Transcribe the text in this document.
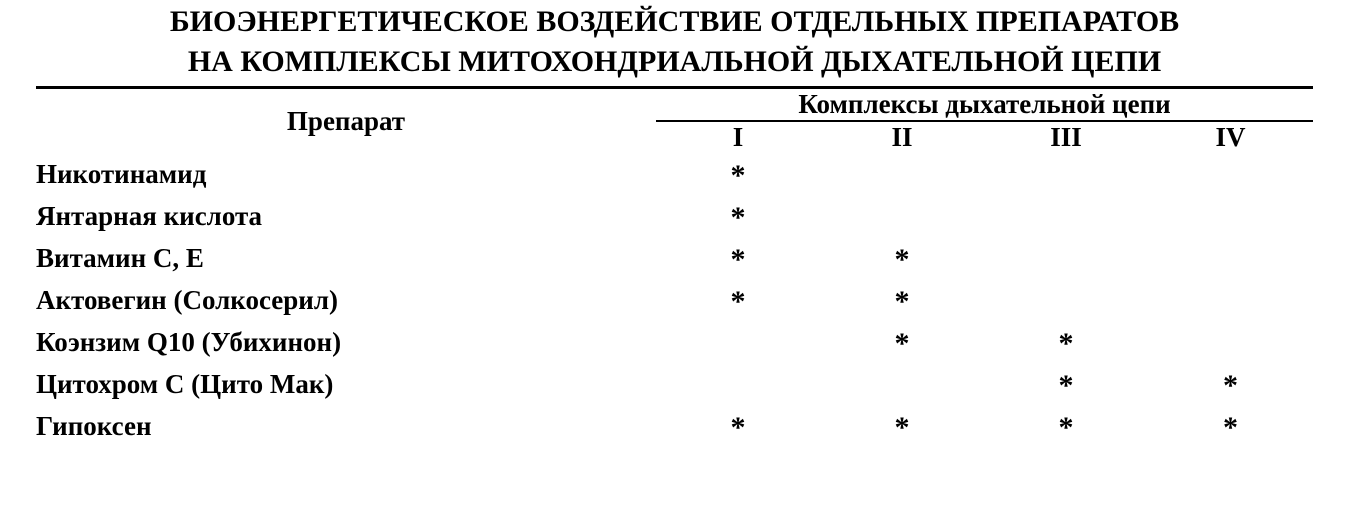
БИОЭНЕРГЕТИЧЕСКОЕ ВОЗДЕЙСТВИЕ ОТДЕЛЬНЫХ ПРЕПАРАТОВ
НА КОМПЛЕКСЫ МИТОХОНДРИАЛЬНОЙ ДЫХАТЕЛЬНОЙ ЦЕПИ
Препарат	Комплексы дыхательной цепи			
	I	II	III	IV

Никотинамид	*			
Янтарная кислота	*			
Витамин С, Е	*	*		
Актовегин (Солкосерил)	*	*		
Коэнзим Q10 (Убихинон)		*	*	
Цитохром С (Цито Мак)			*	*
Гипоксен	*	*	*	*
